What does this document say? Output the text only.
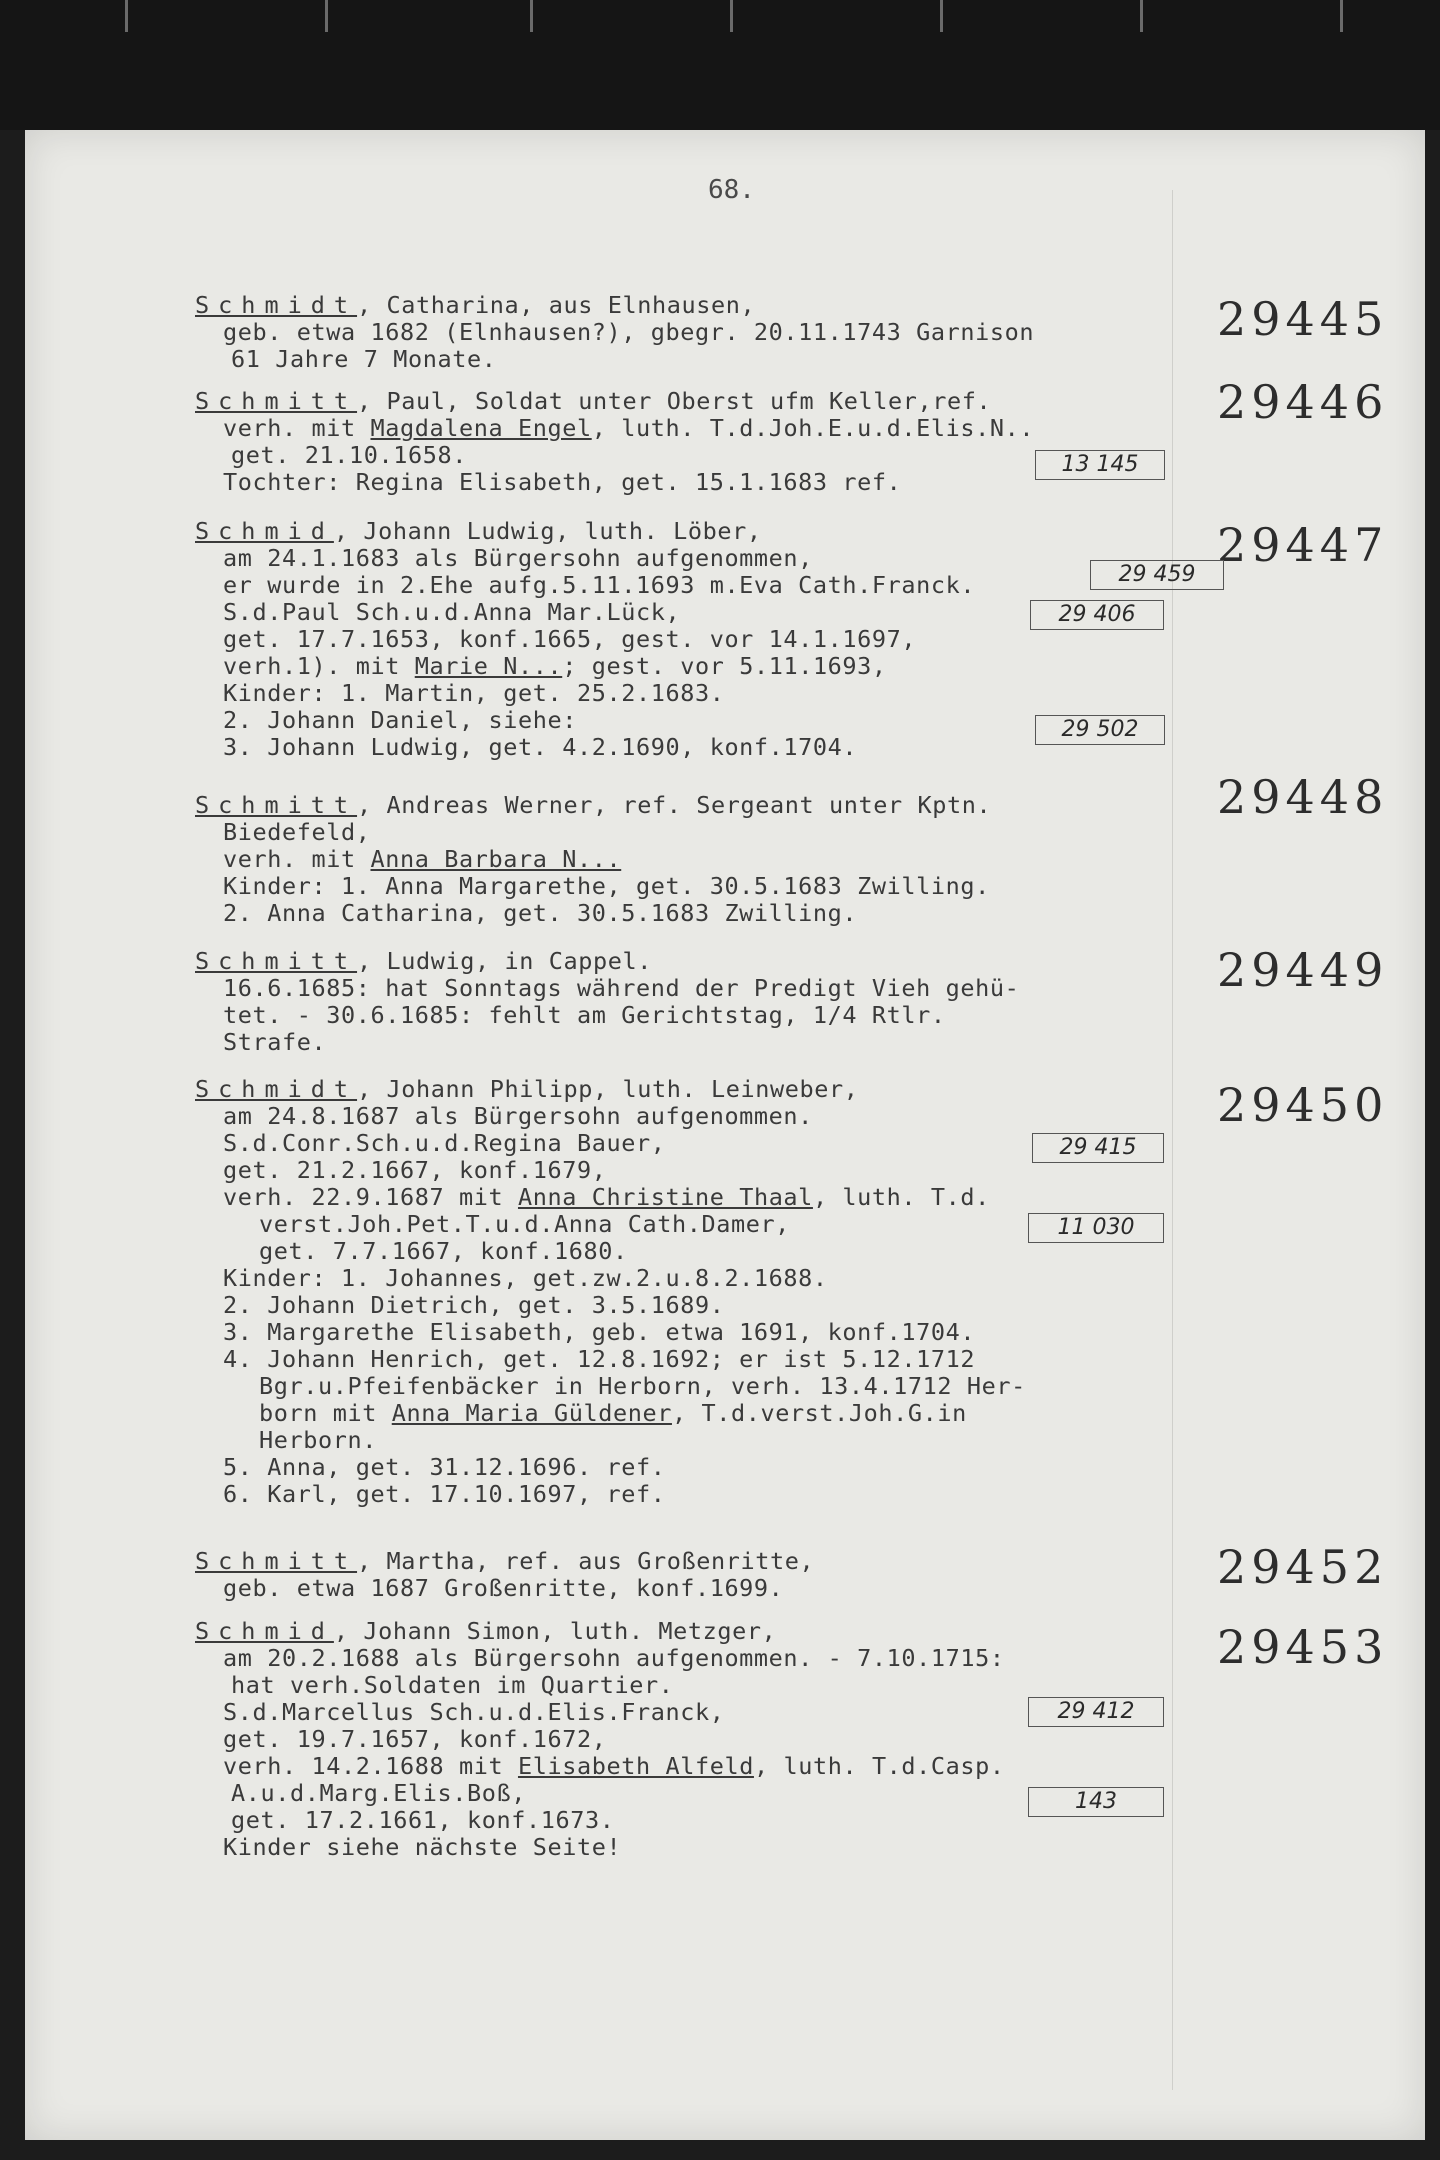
68.
Schmidt, Catharina, aus Elnhausen,
geb. etwa 1682 (Elnhausen?), gbegr. 20.11.1743 Garnison
61 Jahre 7 Monate.
29445
Schmitt, Paul, Soldat unter Oberst ufm Keller,ref.
verh. mit Magdalena Engel, luth. T.d.Joh.E.u.d.Elis.N..
get. 21.10.1658.
Tochter: Regina Elisabeth, get. 15.1.1683 ref.
29446
13 145
Schmid, Johann Ludwig, luth. Löber,
am 24.1.1683 als Bürgersohn aufgenommen,
er wurde in 2.Ehe aufg.5.11.1693 m.Eva Cath.Franck.
S.d.Paul Sch.u.d.Anna Mar.Lück,
get. 17.7.1653, konf.1665, gest. vor 14.1.1697,
verh.1). mit Marie N...; gest. vor 5.11.1693,
Kinder: 1. Martin, get. 25.2.1683.
2. Johann Daniel, siehe:
3. Johann Ludwig, get. 4.2.1690, konf.1704.
29447
29 459
29 406
29 502
Schmitt, Andreas Werner, ref. Sergeant unter Kptn.
Biedefeld,
verh. mit Anna Barbara N...
Kinder: 1. Anna Margarethe, get. 30.5.1683 Zwilling.
2. Anna Catharina, get. 30.5.1683 Zwilling.
29448
Schmitt, Ludwig, in Cappel.
16.6.1685: hat Sonntags während der Predigt Vieh gehü-
tet. - 30.6.1685: fehlt am Gerichtstag, 1/4 Rtlr.
Strafe.
29449
Schmidt, Johann Philipp, luth. Leinweber,
am 24.8.1687 als Bürgersohn aufgenommen.
S.d.Conr.Sch.u.d.Regina Bauer,
get. 21.2.1667, konf.1679,
verh. 22.9.1687 mit Anna Christine Thaal, luth. T.d.
verst.Joh.Pet.T.u.d.Anna Cath.Damer,
get. 7.7.1667, konf.1680.
Kinder: 1. Johannes, get.zw.2.u.8.2.1688.
2. Johann Dietrich, get. 3.5.1689.
3. Margarethe Elisabeth, geb. etwa 1691, konf.1704.
4. Johann Henrich, get. 12.8.1692; er ist 5.12.1712
Bgr.u.Pfeifenbäcker in Herborn, verh. 13.4.1712 Her-
born mit Anna Maria Güldener, T.d.verst.Joh.G.in
Herborn.
5. Anna, get. 31.12.1696. ref.
6. Karl, get. 17.10.1697, ref.
29450
29 415
11 030
Schmitt, Martha, ref. aus Großenritte,
geb. etwa 1687 Großenritte, konf.1699.	29452
Schmid, Johann Simon, luth. Metzger,
am 20.2.1688 als Bürgersohn aufgenommen. - 7.10.1715:
hat verh.Soldaten im Quartier.
S.d.Marcellus Sch.u.d.Elis.Franck,
get. 19.7.1657, konf.1672,
verh. 14.2.1688 mit Elisabeth Alfeld, luth. T.d.Casp.
A.u.d.Marg.Elis.Boß,
get. 17.2.1661, konf.1673.
Kinder siehe nächste Seite!
29453
29 412
143
